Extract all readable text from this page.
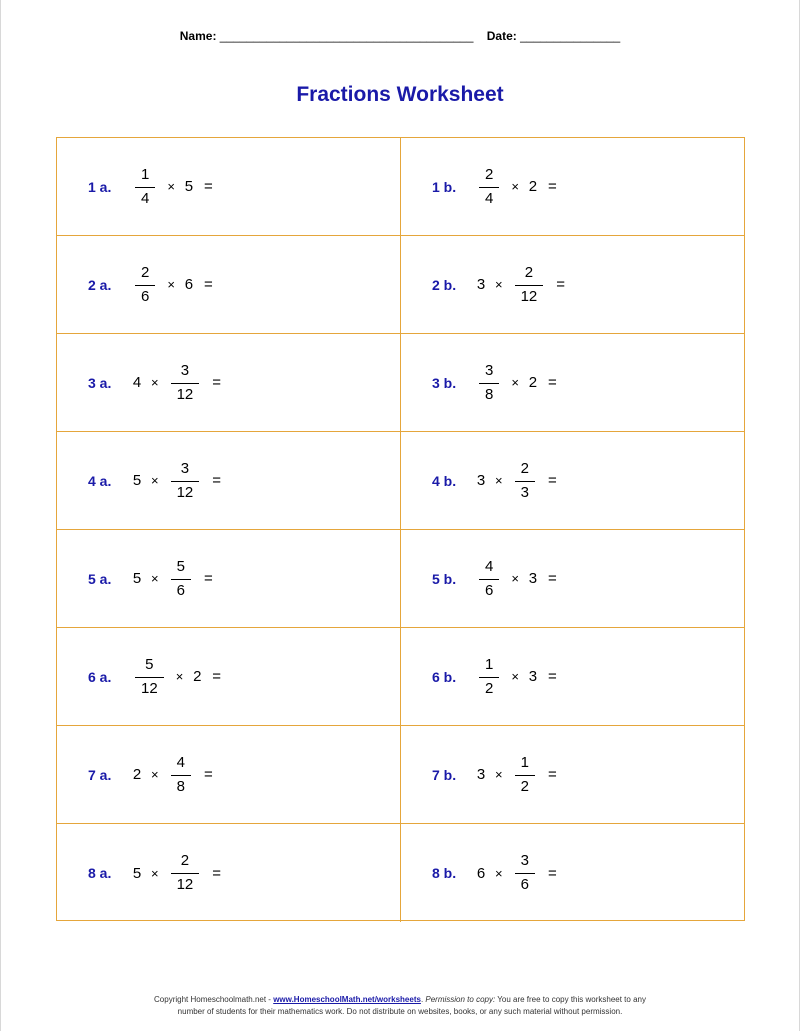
Name: ______________________________________ Date: _______________
Fractions Worksheet
1 a.	$\frac{1}{4} \times 5$ =	1 b.	$\frac{2}{4} \times 2$ =
2 a.	$\frac{2}{6} \times 6$ =	2 b.	$3 \times \frac{2}{12}$ =
3 a.	$4 \times \frac{3}{12}$ =	3 b.	$\frac{3}{8} \times 2$ =
4 a.	$5 \times \frac{3}{12}$ =	4 b.	$3 \times \frac{2}{3}$ =
5 a.	$5 \times \frac{5}{6}$ =	5 b.	$\frac{4}{6} \times 3$ =
6 a.	$\frac{5}{12} \times 2$ =	6 b.	$\frac{1}{2} \times 3$ =
7 a.	$2 \times \frac{4}{8}$ =	7 b.	$3 \times \frac{1}{2}$ =
8 a.	$5 \times \frac{2}{12}$ =	8 b.	$6 \times \frac{3}{6}$ =
Copyright Homeschoolmath.net - www.HomeschoolMath.net/worksheets. Permission to copy: You are free to copy this worksheet to any
number of students for their mathematics work. Do not distribute on websites, books, or any such material without permission.
